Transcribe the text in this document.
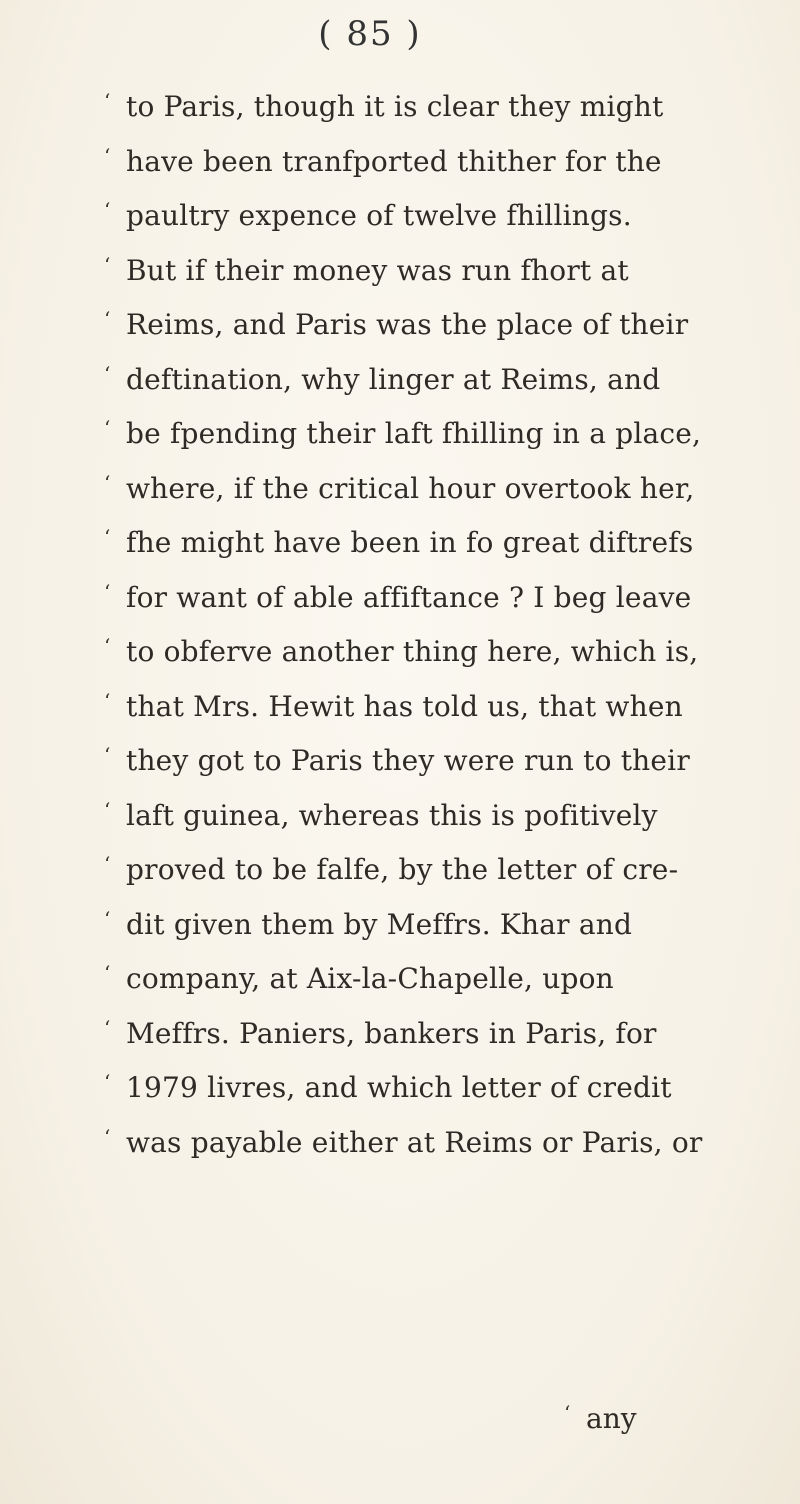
( 85 )
‘ to Paris, though it is clear they might
‘ have been tranfported thither for the
‘ paultry expence of twelve fhillings.
‘ But if their money was run fhort at
‘ Reims, and Paris was the place of their
‘ deftination, why linger at Reims, and
‘ be fpending their laft fhilling in a place,
‘ where, if the critical hour overtook her,
‘ fhe might have been in fo great diftrefs
‘ for want of able affiftance ? I beg leave
‘ to obferve another thing here, which is,
‘ that Mrs. Hewit has told us, that when
‘ they got to Paris they were run to their
‘ laft guinea, whereas this is pofitively
‘ proved to be falfe, by the letter of cre-
‘ dit given them by Meffrs. Khar and
‘ company, at Aix-la-Chapelle, upon
‘ Meffrs. Paniers, bankers in Paris, for
‘ 1979 livres, and which letter of credit
‘ was payable either at Reims or Paris, or
‘ any
